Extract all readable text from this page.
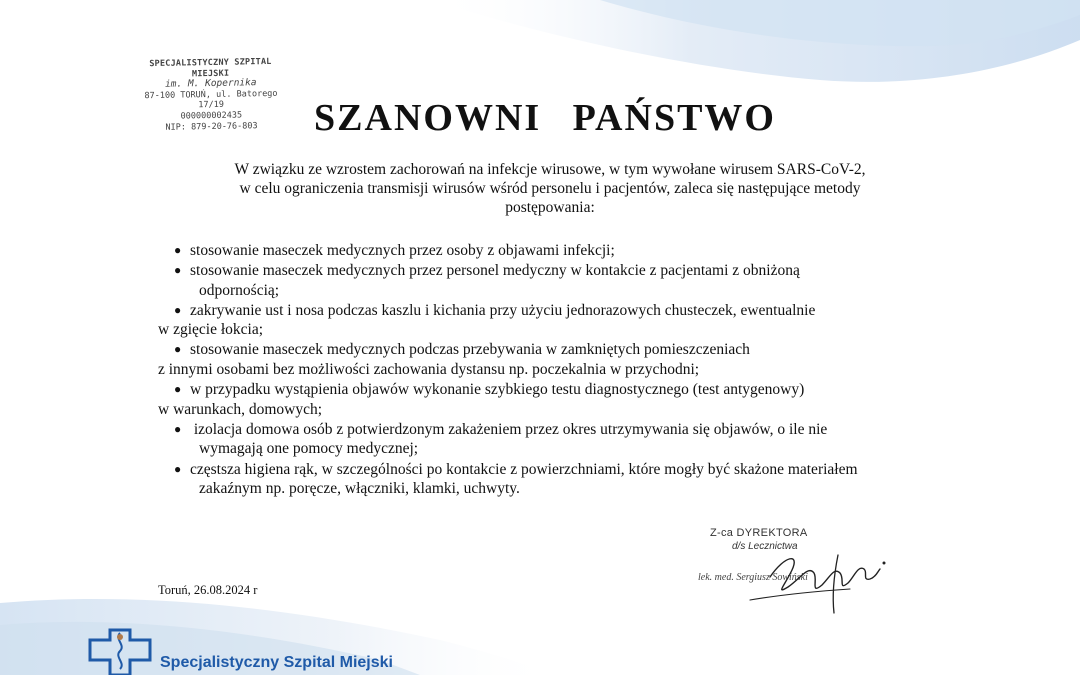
SPECJALISTYCZNY SZPITAL MIEJSKI
im. M. Kopernika
87-100 TORUŃ, ul. Batorego 17/19
000000002435
NIP: 879-20-76-803	SZANOWNI PAŃSTWO

W związku ze wzrostem zachorowań na infekcje wirusowe, w tym wywołane wirusem SARS-CoV-2,

w celu ograniczenia transmisji wirusów wśród personelu i pacjentów, zaleca się następujące metody

postępowania:

● stosowanie maseczek medycznych przez osoby z objawami infekcji;
● stosowanie maseczek medycznych przez personel medyczny w kontakcie z pacjentami z obniżoną
odpornością;
● zakrywanie ust i nosa podczas kaszlu i kichania przy użyciu jednorazowych chusteczek, ewentualnie
w zgięcie łokcia;
● stosowanie maseczek medycznych podczas przebywania w zamkniętych pomieszczeniach
z innymi osobami bez możliwości zachowania dystansu np. poczekalnia w przychodni;
● w przypadku wystąpienia objawów wykonanie szybkiego testu diagnostycznego (test antygenowy)
w warunkach, domowych;
● izolacja domowa osób z potwierdzonym zakażeniem przez okres utrzymywania się objawów, o ile nie
wymagają one pomocy medycznej;
● częstsza higiena rąk, w szczególności po kontakcie z powierzchniami, które mogły być skażone materiałem
zakaźnym np. poręcze, włączniki, klamki, uchwyty.
Toruń, 26.08.2024 r
Z-ca DYREKTORA
d/s Lecznictwa
lek. med. Sergiusz Sowiński
Specjalistyczny Szpital Miejski
